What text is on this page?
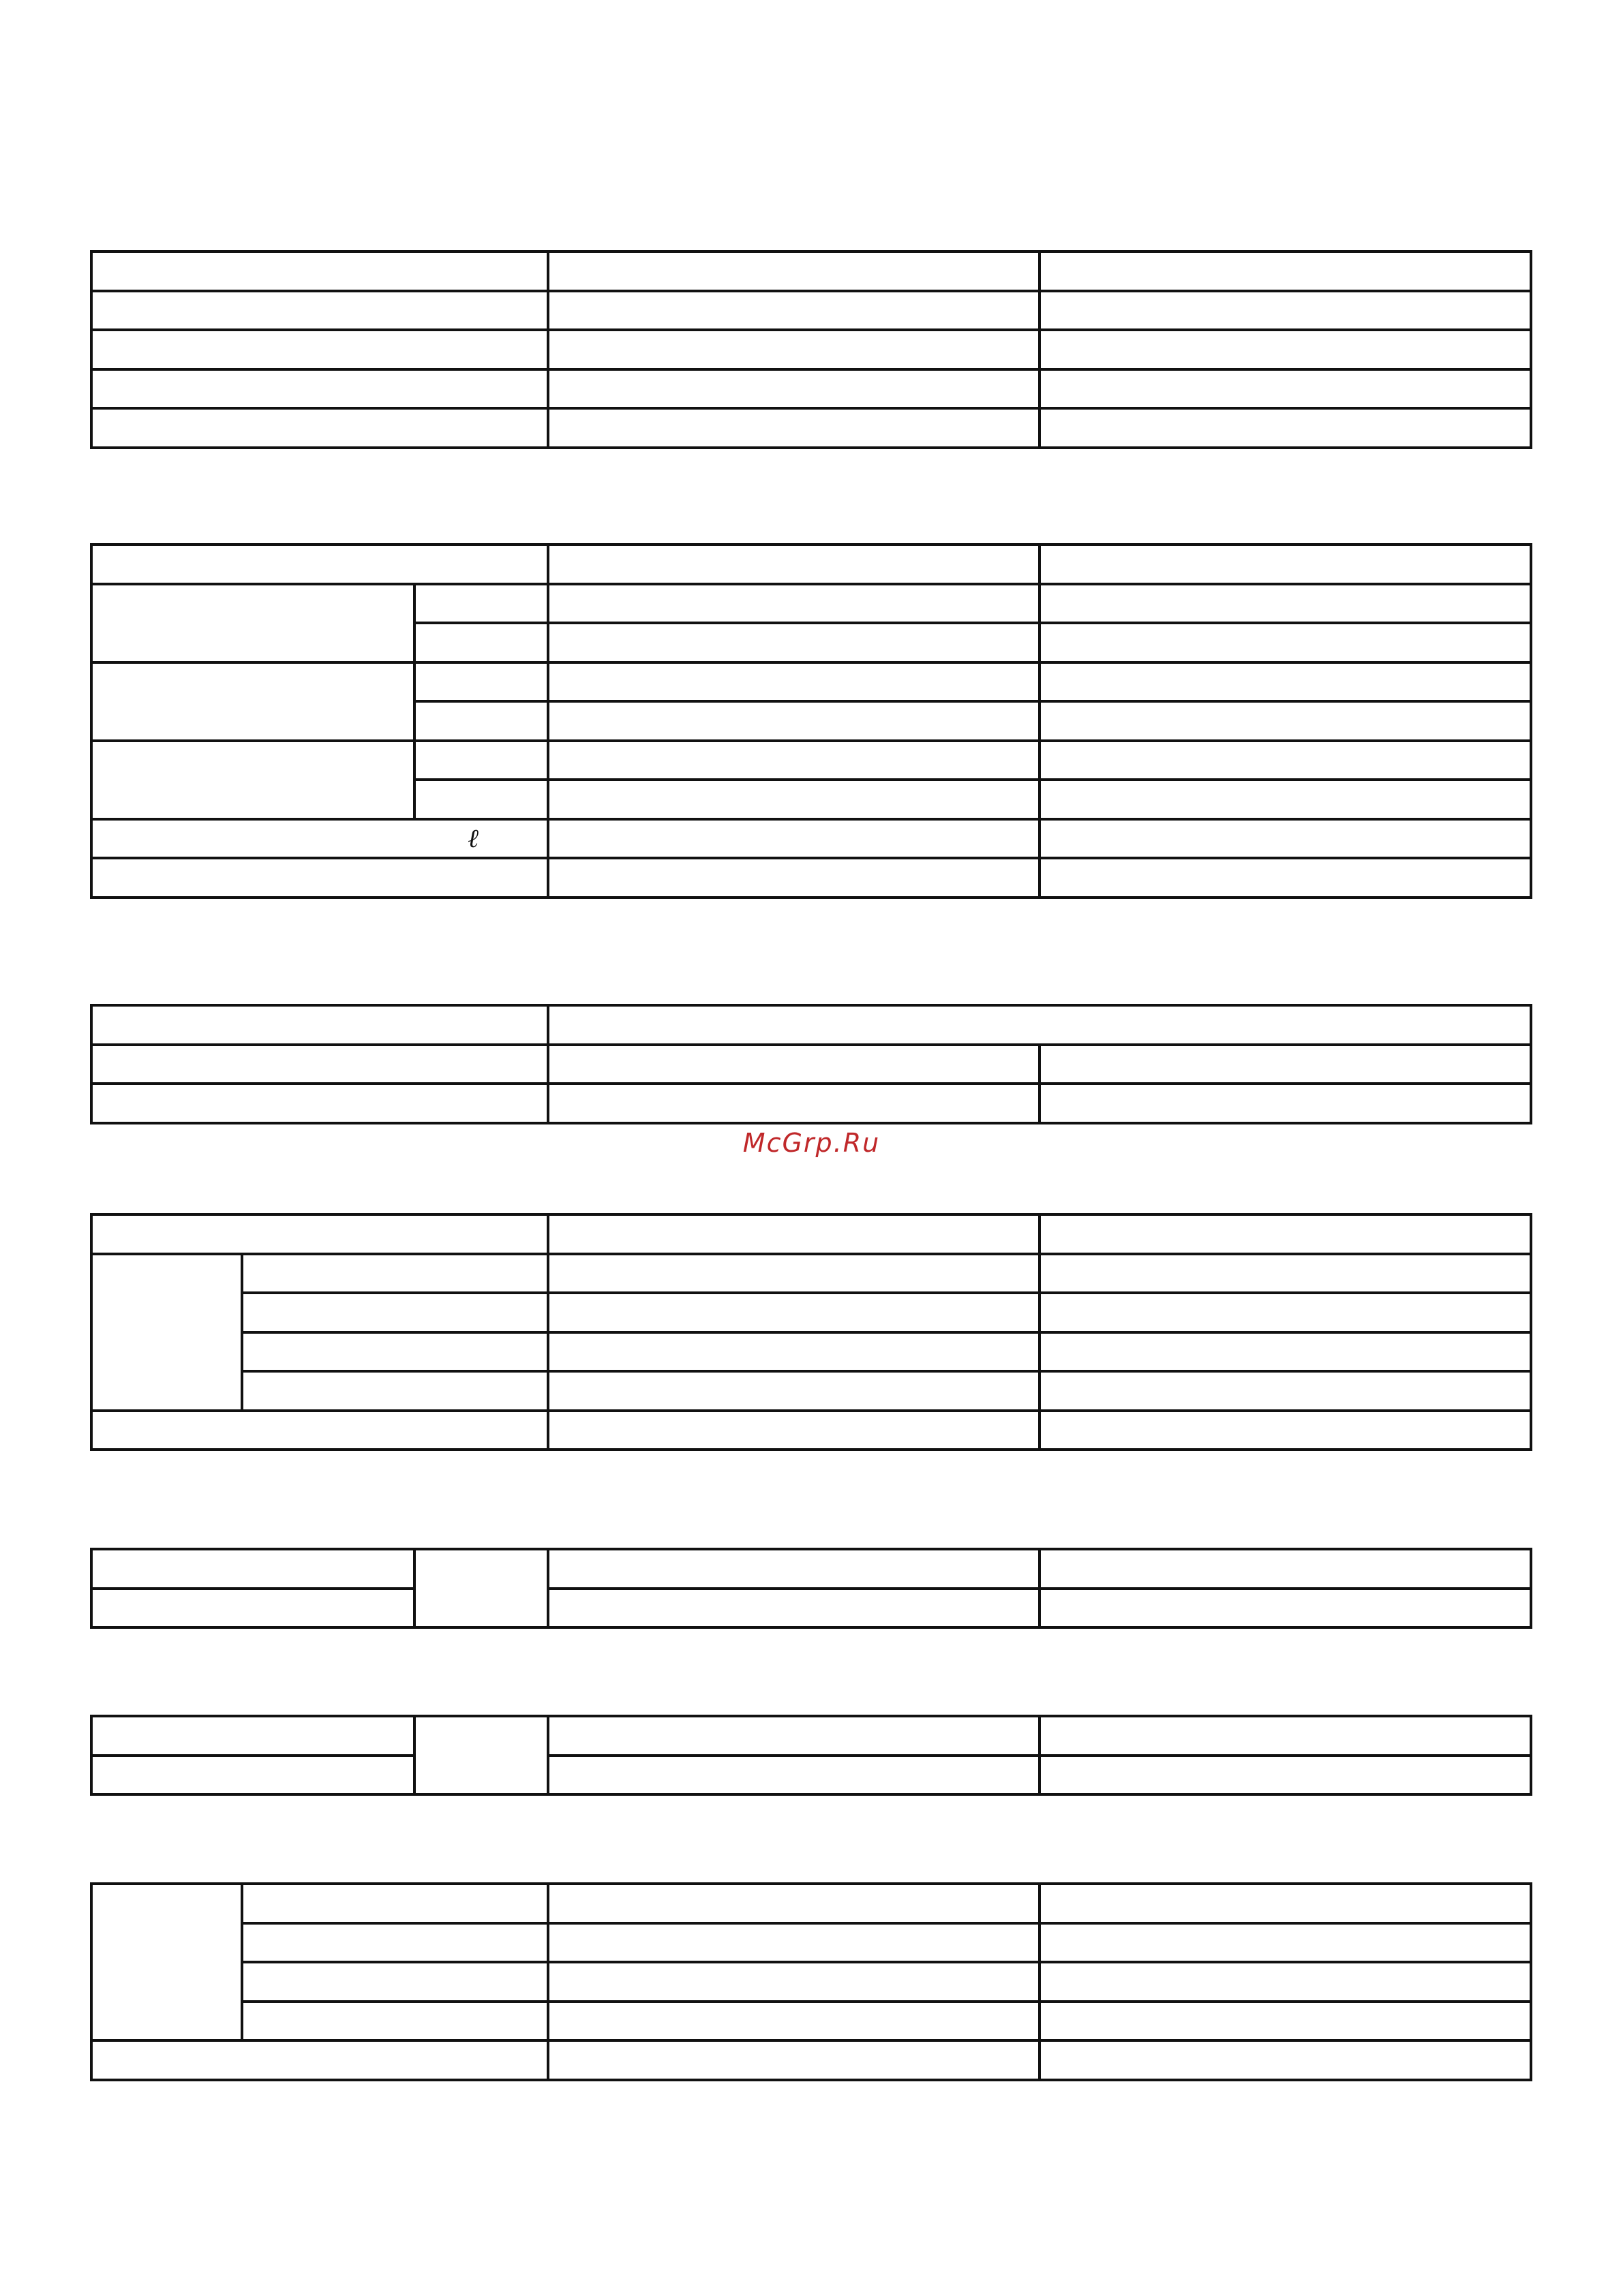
ℓ			

McGrp.Ru
